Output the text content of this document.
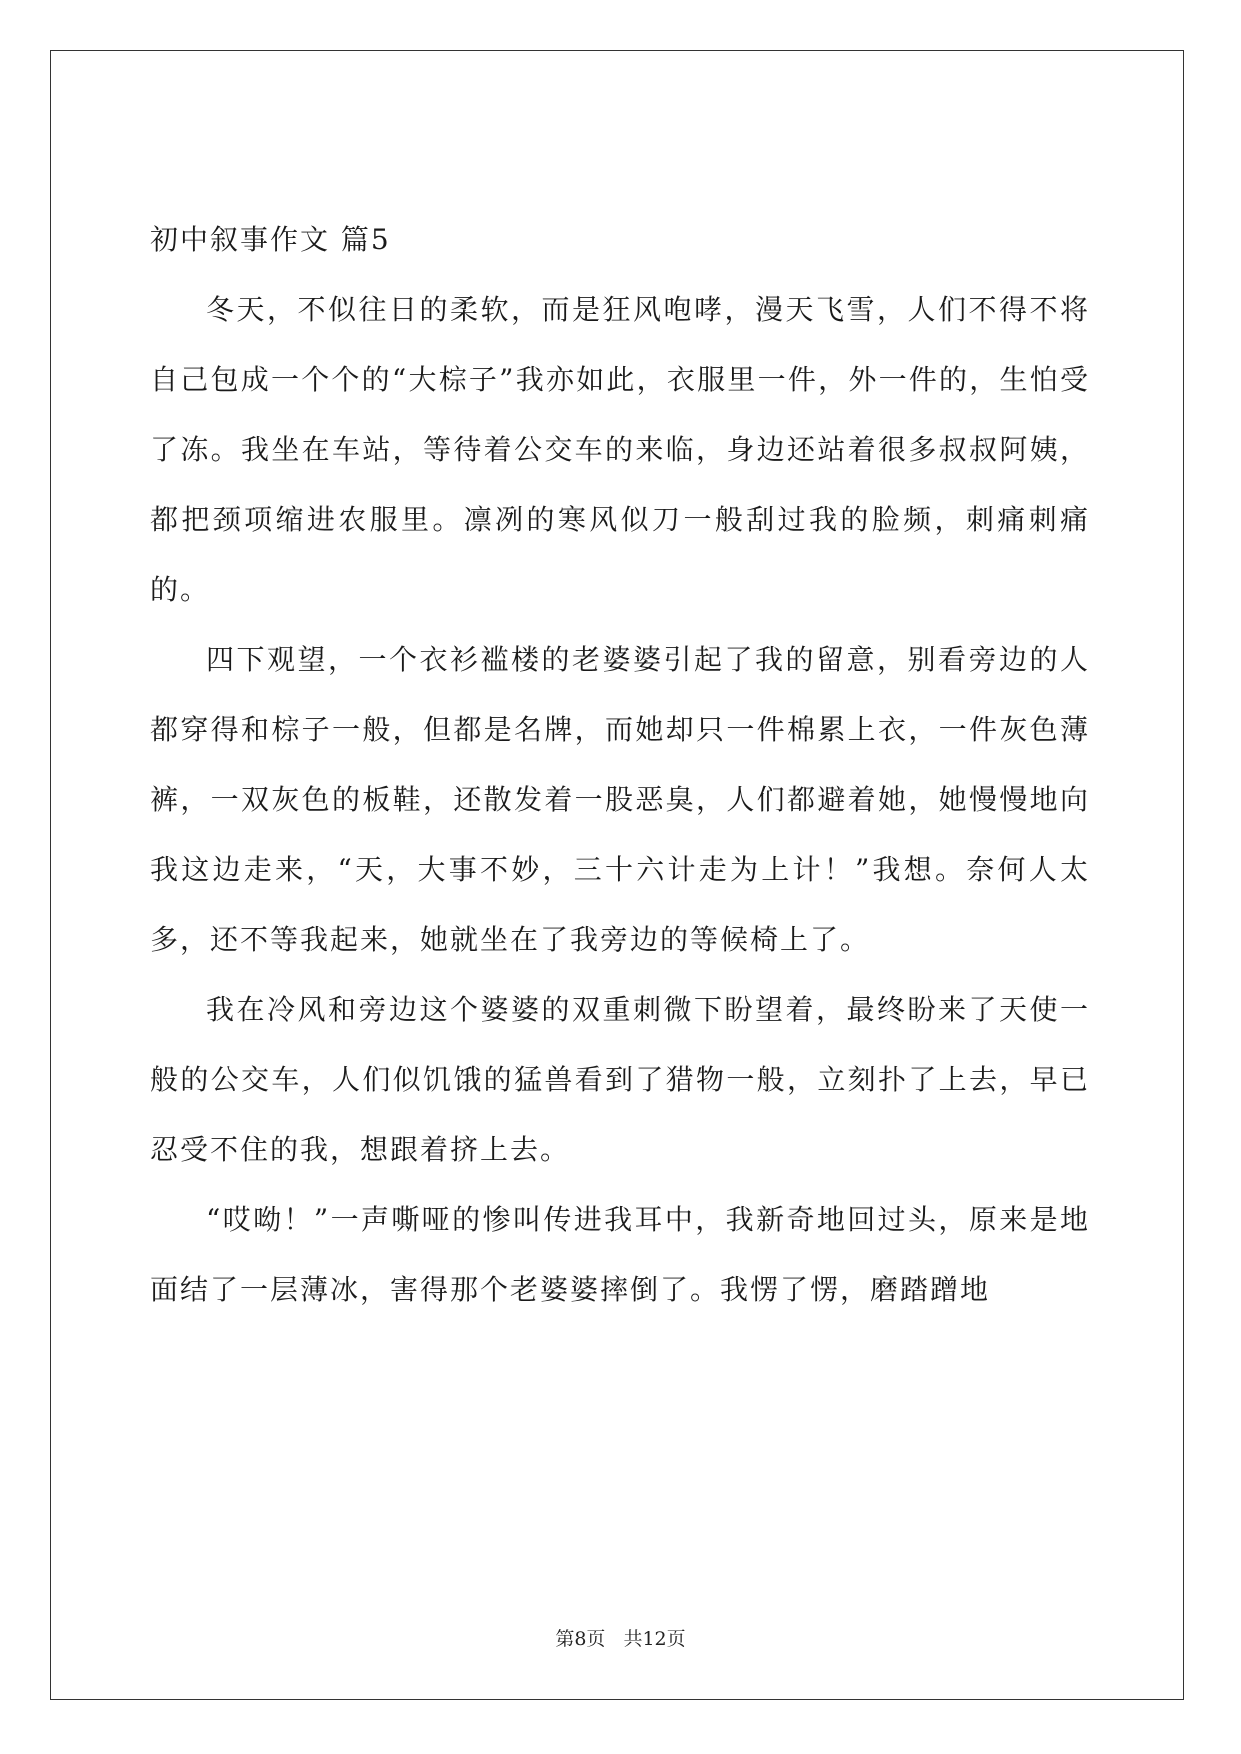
初中叙事作文 篇5

冬天，不似往日的柔软，而是狂风咆哮，漫天飞雪，人们不得不将自己包成一个个的“大棕子”我亦如此，衣服里一件，外一件的，生怕受了冻。我坐在车站，等待着公交车的来临，身边还站着很多叔叔阿姨，都把颈项缩进农服里。凛冽的寒风似刀一般刮过我的脸频，刺痛刺痛的。

四下观望，一个衣衫褴楼的老婆婆引起了我的留意，别看旁边的人都穿得和棕子一般，但都是名牌，而她却只一件棉累上衣，一件灰色薄裤，一双灰色的板鞋，还散发着一股恶臭，人们都避着她，她慢慢地向我这边走来，“天，大事不妙，三十六计走为上计！”我想。奈何人太多，还不等我起来，她就坐在了我旁边的等候椅上了。

我在冷风和旁边这个婆婆的双重刺微下盼望着，最终盼来了天使一般的公交车，人们似饥饿的猛兽看到了猎物一般，立刻扑了上去，早已忍受不住的我，想跟着挤上去。

“哎呦！”一声嘶哑的惨叫传进我耳中，我新奇地回过头，原来是地面结了一层薄冰，害得那个老婆婆摔倒了。我愣了愣，磨踏蹭地

第8页 共12页
